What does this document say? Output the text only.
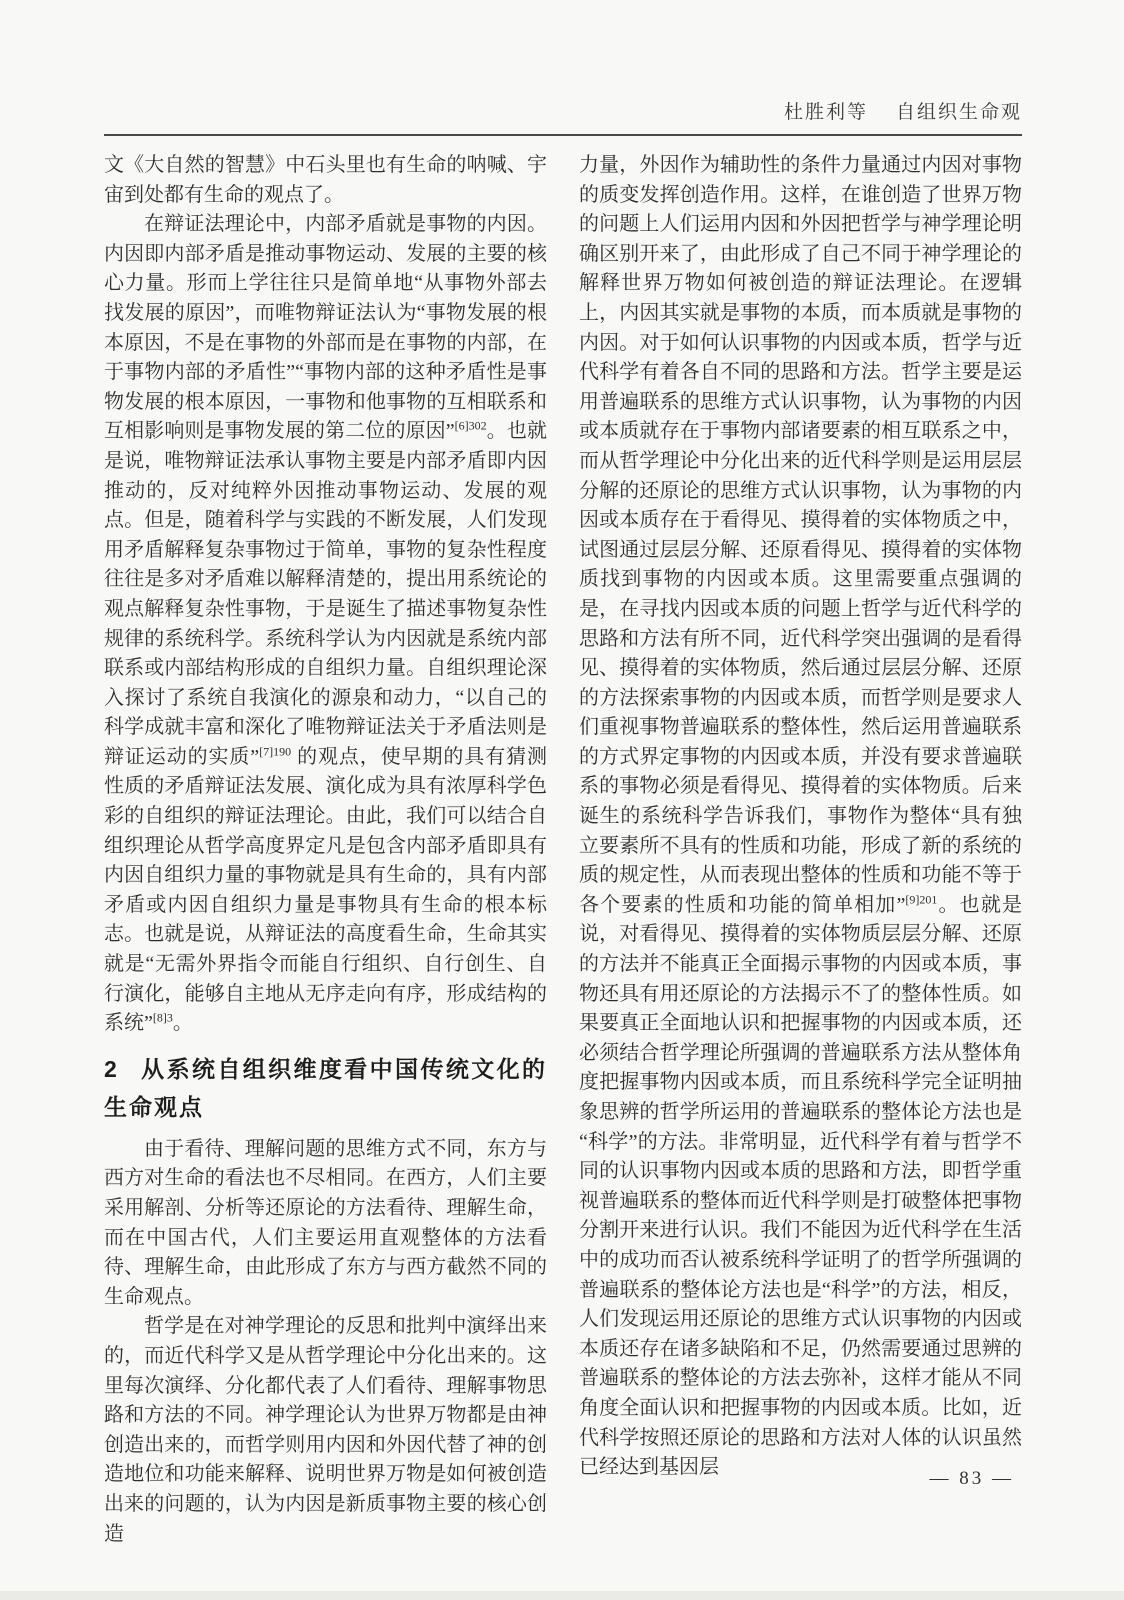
杜胜利等 自组织生命观

文《大自然的智慧》中石头里也有生命的呐喊、宇宙到处都有生命的观点了。

在辩证法理论中，内部矛盾就是事物的内因。内因即内部矛盾是推动事物运动、发展的主要的核心力量。形而上学往往只是简单地“从事物外部去找发展的原因”，而唯物辩证法认为“事物发展的根本原因，不是在事物的外部而是在事物的内部，在于事物内部的矛盾性”“事物内部的这种矛盾性是事物发展的根本原因，一事物和他事物的互相联系和互相影响则是事物发展的第二位的原因”$^{[6]302}$。也就是说，唯物辩证法承认事物主要是内部矛盾即内因推动的，反对纯粹外因推动事物运动、发展的观点。但是，随着科学与实践的不断发展，人们发现用矛盾解释复杂事物过于简单，事物的复杂性程度往往是多对矛盾难以解释清楚的，提出用系统论的观点解释复杂性事物，于是诞生了描述事物复杂性规律的系统科学。系统科学认为内因就是系统内部联系或内部结构形成的自组织力量。自组织理论深入探讨了系统自我演化的源泉和动力，“以自己的科学成就丰富和深化了唯物辩证法关于矛盾法则是辩证运动的实质”$^{[7]190}$ 的观点，使早期的具有猜测性质的矛盾辩证法发展、演化成为具有浓厚科学色彩的自组织的辩证法理论。由此，我们可以结合自组织理论从哲学高度界定凡是包含内部矛盾即具有内因自组织力量的事物就是具有生命的，具有内部矛盾或内因自组织力量是事物具有生命的根本标志。也就是说，从辩证法的高度看生命，生命其实就是“无需外界指令而能自行组织、自行创生、自行演化，能够自主地从无序走向有序，形成结构的系统”$^{[8]3}$。

2 从系统自组织维度看中国传统文化的生命观点

由于看待、理解问题的思维方式不同，东方与西方对生命的看法也不尽相同。在西方，人们主要采用解剖、分析等还原论的方法看待、理解生命，而在中国古代，人们主要运用直观整体的方法看待、理解生命，由此形成了东方与西方截然不同的生命观点。

哲学是在对神学理论的反思和批判中演绎出来的，而近代科学又是从哲学理论中分化出来的。这里每次演绎、分化都代表了人们看待、理解事物思路和方法的不同。神学理论认为世界万物都是由神创造出来的，而哲学则用内因和外因代替了神的创造地位和功能来解释、说明世界万物是如何被创造出来的问题的，认为内因是新质事物主要的核心创造

力量，外因作为辅助性的条件力量通过内因对事物的质变发挥创造作用。这样，在谁创造了世界万物的问题上人们运用内因和外因把哲学与神学理论明确区别开来了，由此形成了自己不同于神学理论的解释世界万物如何被创造的辩证法理论。在逻辑上，内因其实就是事物的本质，而本质就是事物的内因。对于如何认识事物的内因或本质，哲学与近代科学有着各自不同的思路和方法。哲学主要是运用普遍联系的思维方式认识事物，认为事物的内因或本质就存在于事物内部诸要素的相互联系之中，而从哲学理论中分化出来的近代科学则是运用层层分解的还原论的思维方式认识事物，认为事物的内因或本质存在于看得见、摸得着的实体物质之中，试图通过层层分解、还原看得见、摸得着的实体物质找到事物的内因或本质。这里需要重点强调的是，在寻找内因或本质的问题上哲学与近代科学的思路和方法有所不同，近代科学突出强调的是看得见、摸得着的实体物质，然后通过层层分解、还原的方法探索事物的内因或本质，而哲学则是要求人们重视事物普遍联系的整体性，然后运用普遍联系的方式界定事物的内因或本质，并没有要求普遍联系的事物必须是看得见、摸得着的实体物质。后来诞生的系统科学告诉我们，事物作为整体“具有独立要素所不具有的性质和功能，形成了新的系统的质的规定性，从而表现出整体的性质和功能不等于各个要素的性质和功能的简单相加”$^{[9]201}$。也就是说，对看得见、摸得着的实体物质层层分解、还原的方法并不能真正全面揭示事物的内因或本质，事物还具有用还原论的方法揭示不了的整体性质。如果要真正全面地认识和把握事物的内因或本质，还必须结合哲学理论所强调的普遍联系方法从整体角度把握事物内因或本质，而且系统科学完全证明抽象思辨的哲学所运用的普遍联系的整体论方法也是“科学”的方法。非常明显，近代科学有着与哲学不同的认识事物内因或本质的思路和方法，即哲学重视普遍联系的整体而近代科学则是打破整体把事物分割开来进行认识。我们不能因为近代科学在生活中的成功而否认被系统科学证明了的哲学所强调的普遍联系的整体论方法也是“科学”的方法，相反，人们发现运用还原论的思维方式认识事物的内因或本质还存在诸多缺陷和不足，仍然需要通过思辨的普遍联系的整体论的方法去弥补，这样才能从不同角度全面认识和把握事物的内因或本质。比如，近代科学按照还原论的思路和方法对人体的认识虽然已经达到基因层

— 83 —
